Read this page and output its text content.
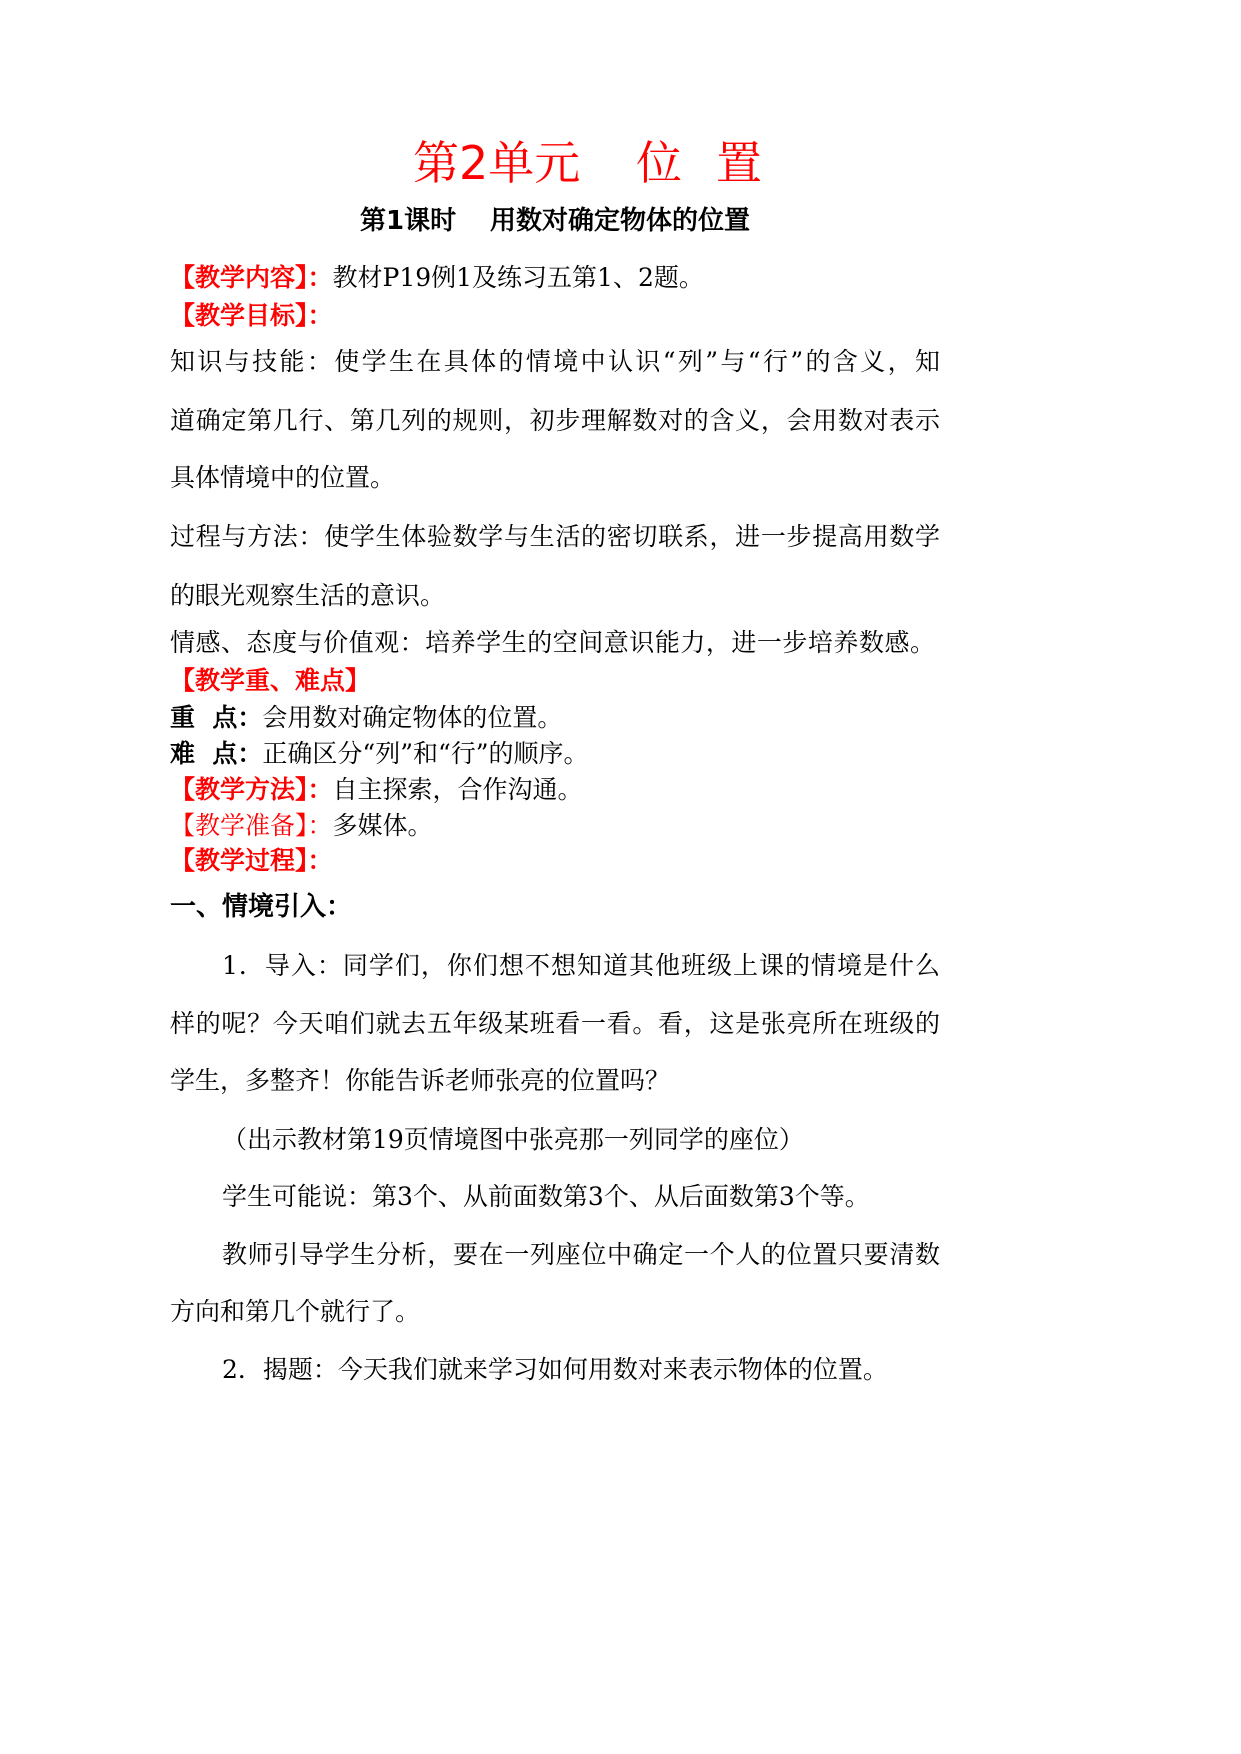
第2单元 位 置
第1课时 用数对确定物体的位置
【教学内容】：教材P19例1及练习五第1、2题。
【教学目标】：
知识与技能：使学生在具体的情境中认识“列”与“行”的含义，知
道确定第几行、第几列的规则，初步理解数对的含义，会用数对表示
具体情境中的位置。
过程与方法：使学生体验数学与生活的密切联系，进一步提高用数学
的眼光观察生活的意识。
情感、态度与价值观：培养学生的空间意识能力，进一步培养数感。
【教学重、难点】
重  点：会用数对确定物体的位置。
难  点：正确区分“列”和“行”的顺序。
【教学方法】：自主探索，合作沟通。
【教学准备】：多媒体。
【教学过程】：
一、情境引入：
1．导入：同学们，你们想不想知道其他班级上课的情境是什么
样的呢？今天咱们就去五年级某班看一看。看，这是张亮所在班级的
学生，多整齐！你能告诉老师张亮的位置吗？
（出示教材第19页情境图中张亮那一列同学的座位）
学生可能说：第3个、从前面数第3个、从后面数第3个等。
教师引导学生分析，要在一列座位中确定一个人的位置只要清数
方向和第几个就行了。
2．揭题：今天我们就来学习如何用数对来表示物体的位置。
